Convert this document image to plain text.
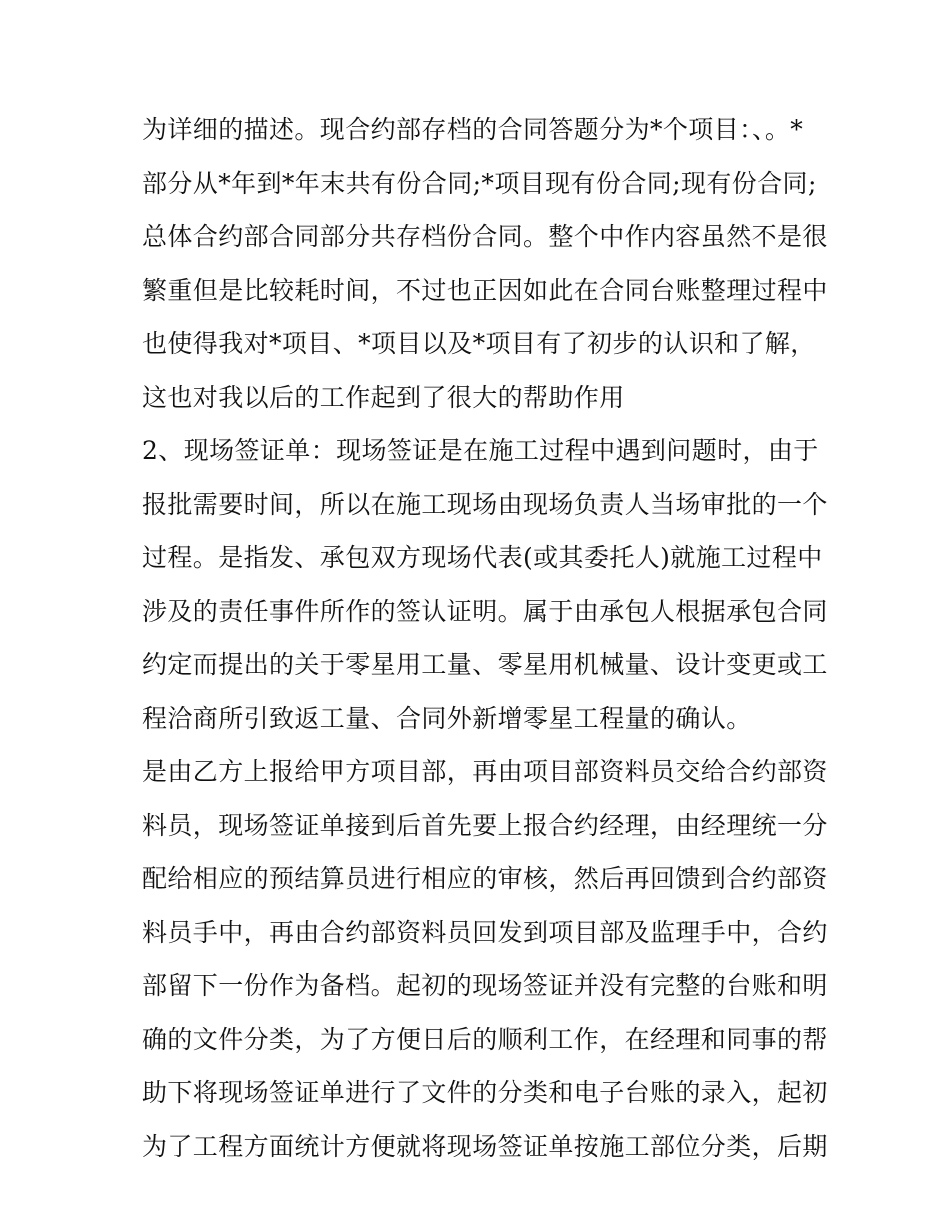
为详细的描述。现合约部存档的合同答题分为*个项目：、。*
部分从*年到*年末共有份合同;*项目现有份合同;现有份合同;
总体合约部合同部分共存档份合同。整个中作内容虽然不是很
繁重但是比较耗时间，不过也正因如此在合同台账整理过程中
也使得我对*项目、*项目以及*项目有了初步的认识和了解，
这也对我以后的工作起到了很大的帮助作用
2、现场签证单：现场签证是在施工过程中遇到问题时，由于
报批需要时间，所以在施工现场由现场负责人当场审批的一个
过程。是指发、承包双方现场代表(或其委托人)就施工过程中
涉及的责任事件所作的签认证明。属于由承包人根据承包合同
约定而提出的关于零星用工量、零星用机械量、设计变更或工
程洽商所引致返工量、合同外新增零星工程量的确认。
是由乙方上报给甲方项目部，再由项目部资料员交给合约部资
料员，现场签证单接到后首先要上报合约经理，由经理统一分
配给相应的预结算员进行相应的审核，然后再回馈到合约部资
料员手中，再由合约部资料员回发到项目部及监理手中，合约
部留下一份作为备档。起初的现场签证并没有完整的台账和明
确的文件分类，为了方便日后的顺利工作，在经理和同事的帮
助下将现场签证单进行了文件的分类和电子台账的录入，起初
为了工程方面统计方便就将现场签证单按施工部位分类，后期
